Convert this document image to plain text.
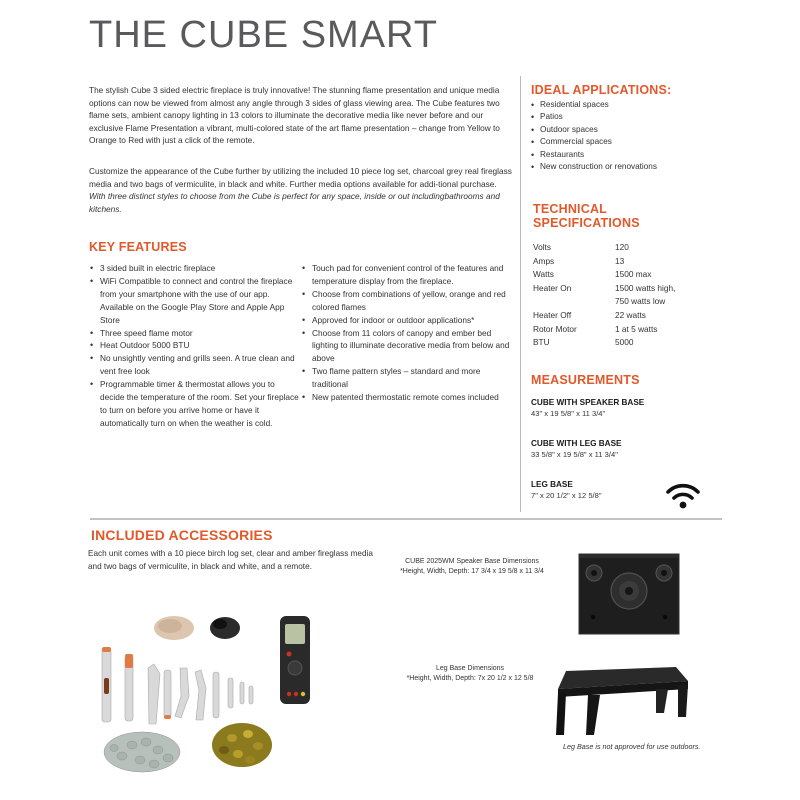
THE CUBE SMART

The stylish Cube 3 sided electric fireplace is truly innovative! The stunning flame presentation and unique media options can now be viewed from almost any angle through 3 sides of glass viewing area. The Cube features two flame sets, ambient canopy lighting in 13 colors to illuminate the decorative media like never before and our exclusive Flame Presentation a vibrant, multi-colored state of the art flame presentation – change from Yellow to Orange to Red with just a click of the remote.

Customize the appearance of the Cube further by utilizing the included 10 piece log set, charcoal grey real fireglass media and two bags of vermiculite, in black and white. Further media options available for addi-tional purchase. With three distinct styles to choose from the Cube is perfect for any space, inside or out includingbathrooms and kitchens.

KEY FEATURES
• 3 sided built in electric fireplace
• WiFi Compatible to connect and control the fireplace from your smartphone with the use of our app. Available on the Google Play Store and Apple App Store
• Three speed flame motor
• Heat Outdoor 5000 BTU
• No unsightly venting and grills seen. A true clean and vent free look
• Programmable timer & thermostat allows you to decide the temperature of the room. Set your fireplace to turn on before you arrive home or have it automatically turn on when the weather is cold.
• Touch pad for convenient control of the features and temperature display from the fireplace.
• Choose from combinations of yellow, orange and red colored flames
• Approved for indoor or outdoor applications*
• Choose from 11 colors of canopy and ember bed lighting to illuminate decorative media from below and above
• Two flame pattern styles – standard and more traditional
• New patented thermostatic remote comes included
IDEAL APPLICATIONS:
• Residential spaces
• Patios
• Outdoor spaces
• Commercial spaces
• Restaurants
• New construction or renovations
TECHNICAL
SPECIFICATIONS
Volts	120
Amps	13
Watts	1500 max
Heater On	1500 watts high,
750 watts low

Heater Off	22 watts
Rotor Motor	1 at 5 watts
BTU	5000
MEASUREMENTS
CUBE WITH SPEAKER BASE
43" x 19 5/8" x 11 3/4"
CUBE WITH LEG BASE
33 5/8" x 19 5/8" x 11 3/4"
LEG BASE
7" x 20 1/2" x 12 5/8"
INCLUDED ACCESSORIES

Each unit comes with a 10 piece birch log set, clear and amber fireglass media and two bags of vermiculite, in black and white, and a remote.	CUBE 2025WM Speaker Base Dimensions
*Height, Width, Depth: 17 3/4 x 19 5/8 x 11 3/4
Leg Base Dimensions
*Height, Width, Depth: 7x 20 1/2 x 12 5/8
Leg Base is not approved for use outdoors.
